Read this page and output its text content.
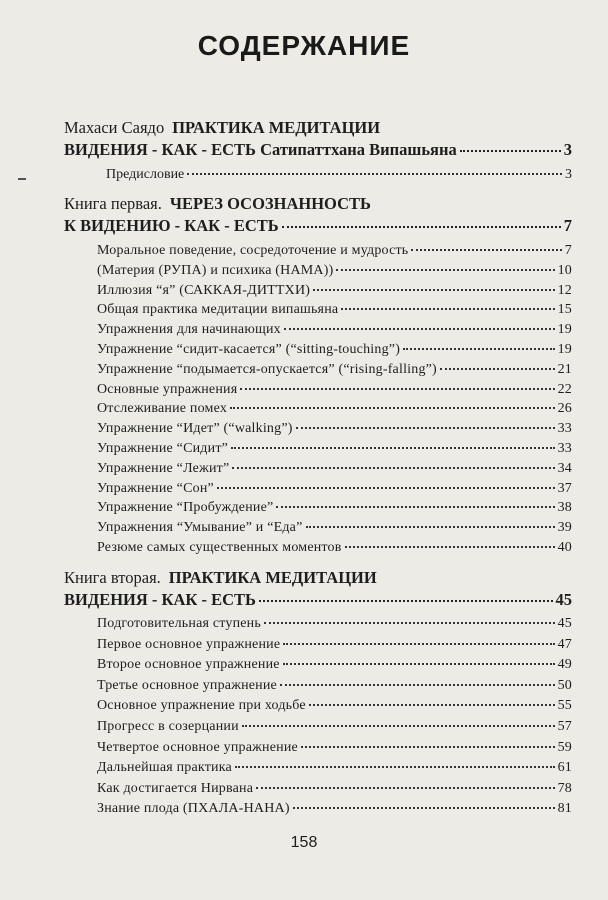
СОДЕРЖАНИЕ
Махаси Саядо ПРАКТИКА МЕДИТАЦИИ
ВИДЕНИЯ - КАК - ЕСТЬ Сатипаттхана Випашьяна	3
Предисловие	3
Книга первая. ЧЕРЕЗ ОСОЗНАННОСТЬ
К ВИДЕНИЮ - КАК - ЕСТЬ	7
Моральное поведение, сосредоточение и мудрость	7
(Материя (РУПА) и психика (НАМА))	10
Иллюзия “я” (САККАЯ-ДИТТХИ)	12
Общая практика медитации випашьяна	15
Упражнения для начинающих	19
Упражнение “сидит-касается” (“sitting-touching”)	19
Упражнение “подымается-опускается” (“rising-falling”)	21
Основные упражнения	22
Отслеживание помех	26
Упражнение “Идет” (“walking”)	33
Упражнение “Сидит”	33
Упражнение “Лежит”	34
Упражнение “Сон”	37
Упражнение “Пробуждение”	38
Упражнения “Умывание” и “Еда”	39
Резюме самых существенных моментов	40
Книга вторая. ПРАКТИКА МЕДИТАЦИИ
ВИДЕНИЯ - КАК - ЕСТЬ	45
Подготовительная ступень	45
Первое основное упражнение	47
Второе основное упражнение	49
Третье основное упражнение	50
Основное упражнение при ходьбе	55
Прогресс в созерцании	57
Четвертое основное упражнение	59
Дальнейшая практика	61
Как достигается Нирвана	78
Знание плода (ПХАЛА-НАНА)	81
158
